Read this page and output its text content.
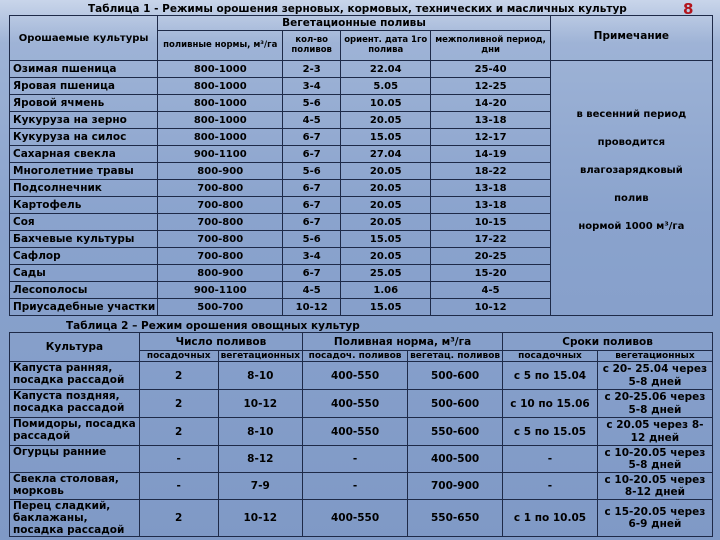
Таблица 1 - Режимы орошения зерновых, кормовых, технических и масличных культур	8
Орошаемые культуры	Вегетационные поливы				Примечание
	поливные нормы, м³/га	кол-во поливов	ориент. дата 1го полива	межполивной период, дни	
Озимая пшеница	800-1000	2-3	22.04	25-40	в весенний период

проводится

влагозарядковый

полив

нормой 1000 м³/га

Яровая пшеница	800-1000	3-4	5.05	12-25	
Яровой ячмень	800-1000	5-6	10.05	14-20	
Кукуруза на зерно	800-1000	4-5	20.05	13-18	
Кукуруза на силос	800-1000	6-7	15.05	12-17	
Сахарная свекла	900-1100	6-7	27.04	14-19	
Многолетние травы	800-900	5-6	20.05	18-22	
Подсолнечник	700-800	6-7	20.05	13-18	
Картофель	700-800	6-7	20.05	13-18	
Соя	700-800	6-7	20.05	10-15	
Бахчевые культуры	700-800	5-6	15.05	17-22	
Сафлор	700-800	3-4	20.05	20-25	
Сады	800-900	6-7	25.05	15-20	
Лесополосы	900-1100	4-5	1.06	4-5	
Приусадебные участки	500-700	10-12	15.05	10-12	
Таблица 2 – Режим орошения овощных культур
Культура	Число поливов		Поливная норма, м³/га		Сроки поливов	
	посадочных	вегетационных	посадоч. поливов	вегетац. поливов	посадочных	вегетационных
Капуста ранняя, посадка рассадой	2	8-10	400-550	500-600	с 5 по 15.04	с 20- 25.04 через 5-8 дней
Капуста поздняя, посадка рассадой	2	10-12	400-550	500-600	с 10 по 15.06	с 20-25.06 через 5-8 дней
Помидоры, посадка рассадой	2	8-10	400-550	550-600	с 5 по 15.05	с 20.05 через 8-12 дней
Огурцы ранние	-	8-12	-	400-500	-	с 10-20.05 через 5-8 дней
Свекла столовая, морковь	-	7-9	-	700-900	-	с 10-20.05 через 8-12 дней
Перец сладкий, баклажаны, посадка рассадой	2	10-12	400-550	550-650	с 1 по 10.05	с 15-20.05 через 6-9 дней
